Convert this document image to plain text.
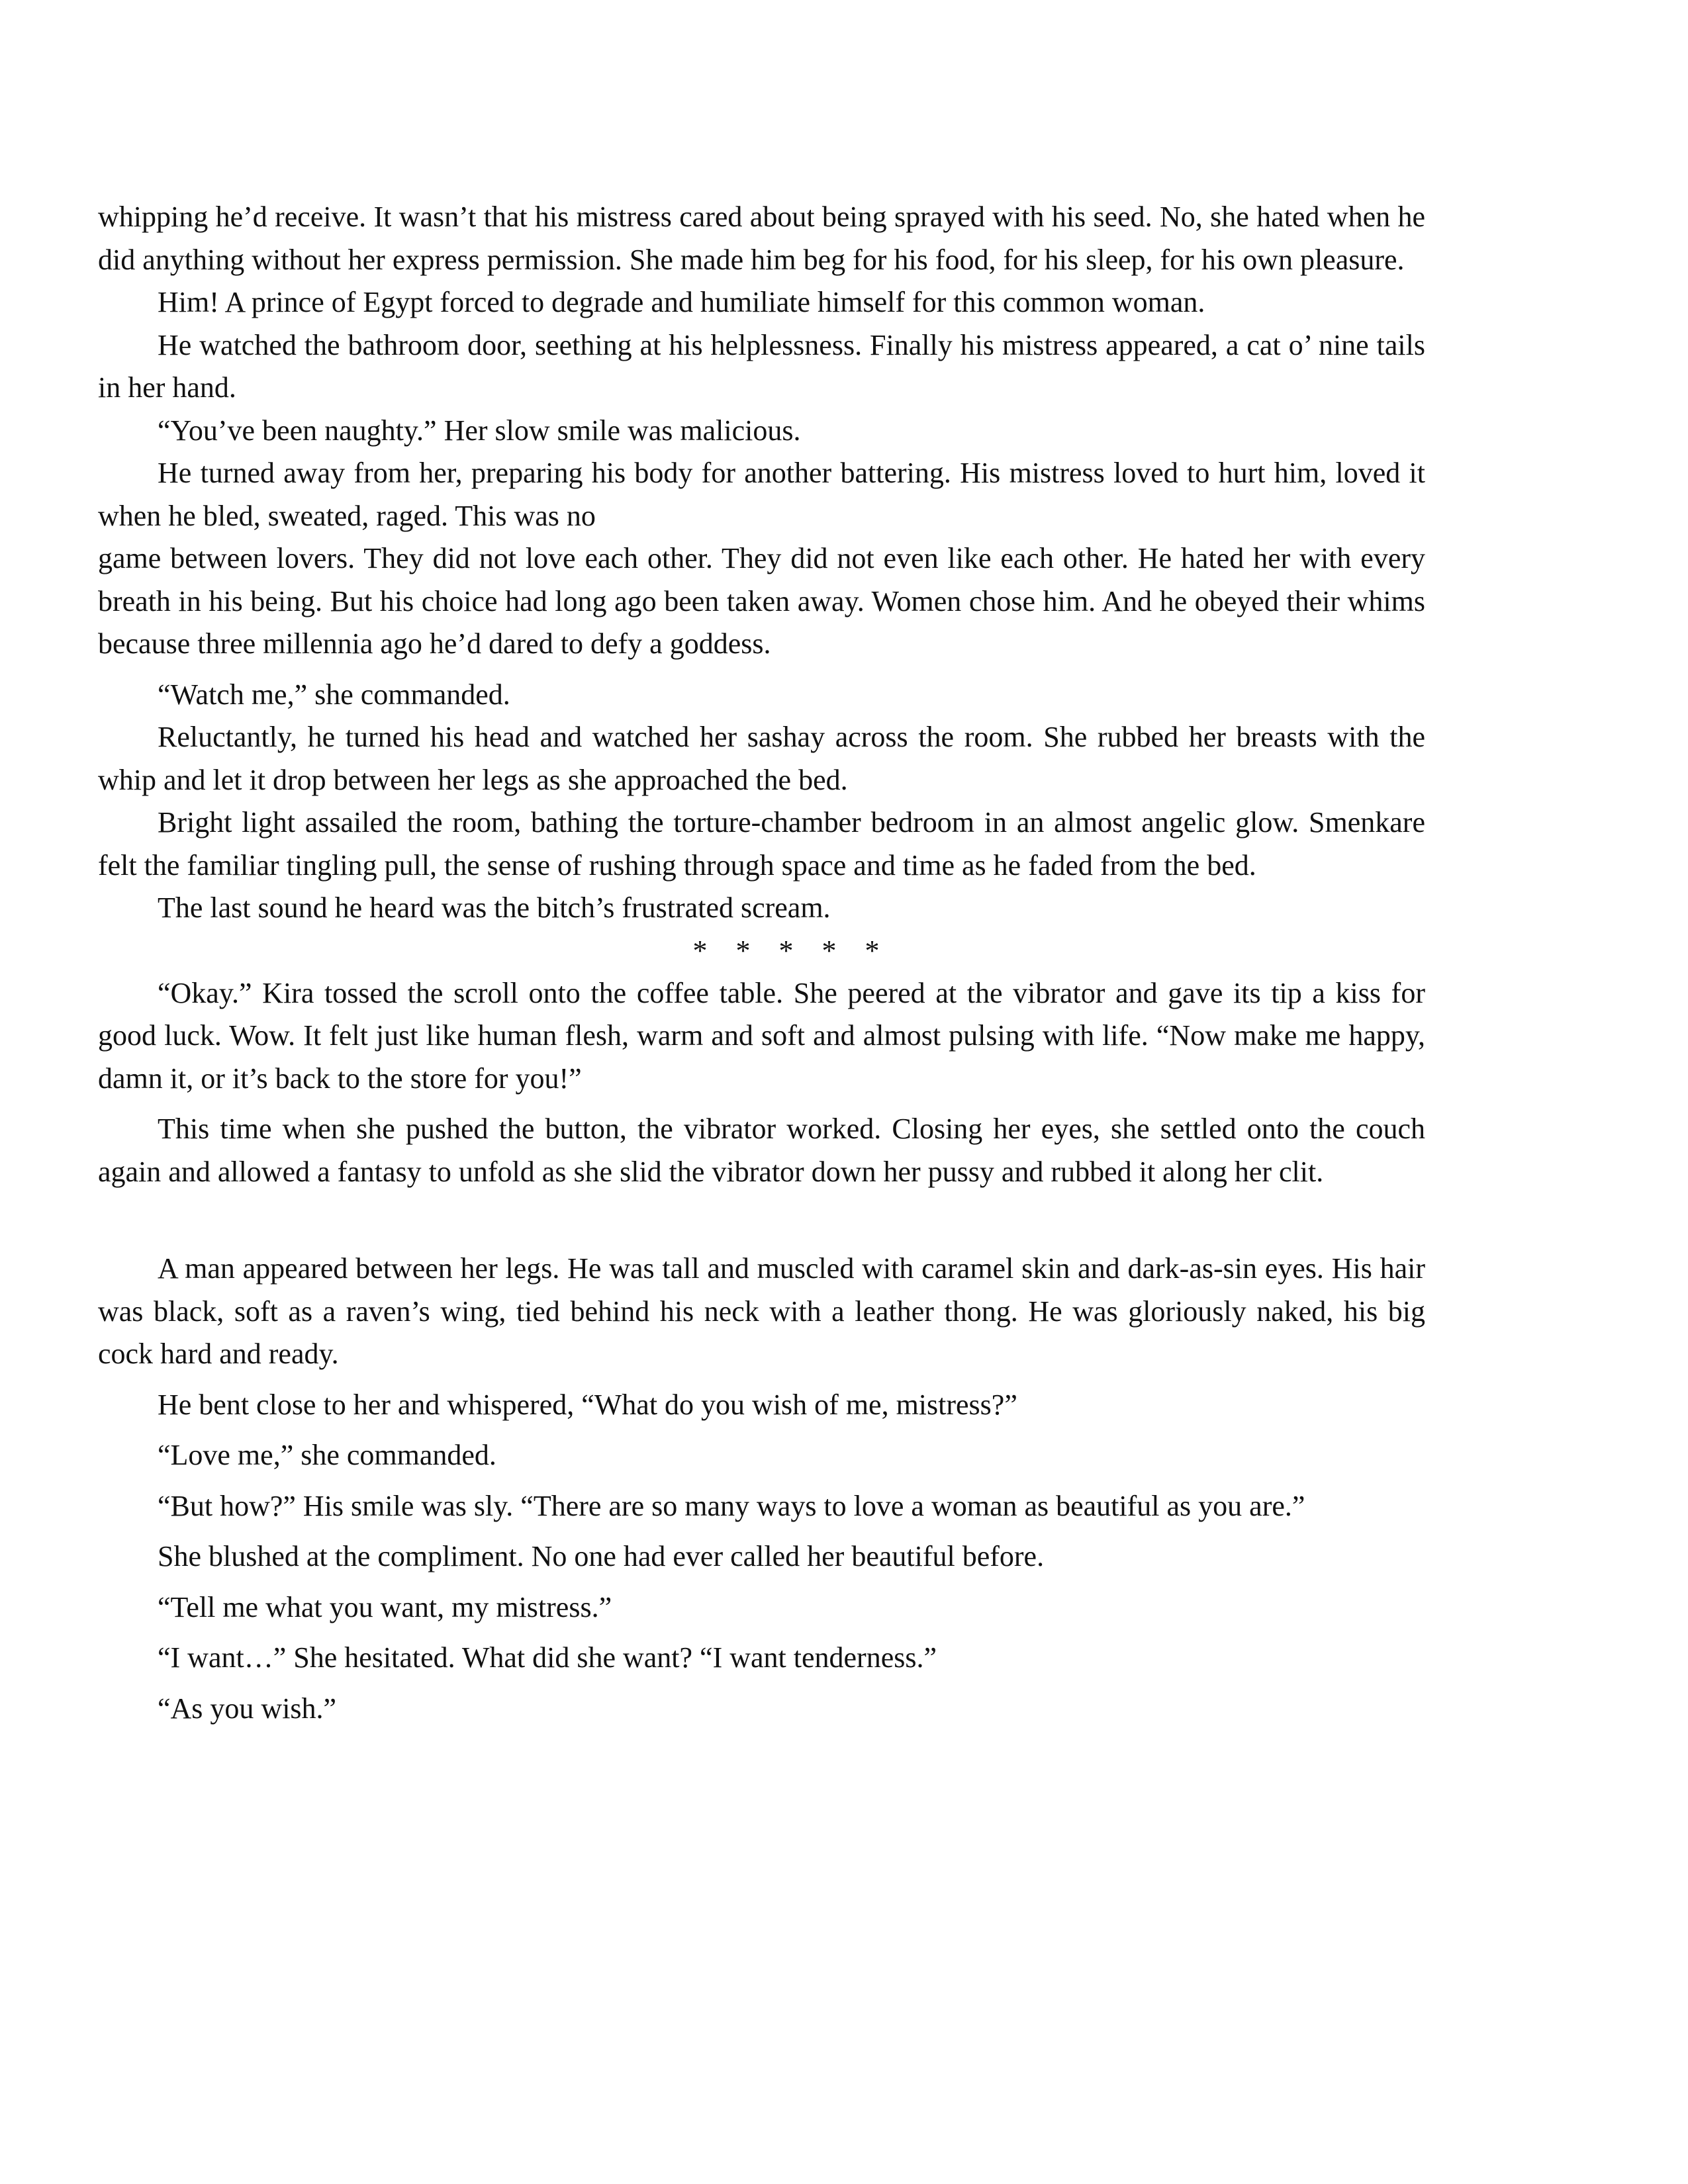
whipping he’d receive. It wasn’t that his mistress cared about being sprayed with his seed. No, she hated when he did anything without her express permission. She made him beg for his food, for his sleep, for his own pleasure.

Him! A prince of Egypt forced to degrade and humiliate himself for this common woman.

He watched the bathroom door, seething at his helplessness. Finally his mistress appeared, a cat o’ nine tails in her hand.

“You’ve been naughty.” Her slow smile was malicious.

He turned away from her, preparing his body for another battering. His mistress loved to hurt him, loved it when he bled, sweated, raged. This was no

game between lovers. They did not love each other. They did not even like each other. He hated her with every breath in his being. But his choice had long ago been taken away. Women chose him. And he obeyed their whims because three millennia ago he’d dared to defy a goddess.

“Watch me,” she commanded.

Reluctantly, he turned his head and watched her sashay across the room. She rubbed her breasts with the whip and let it drop between her legs as she approached the bed.

Bright light assailed the room, bathing the torture-chamber bedroom in an almost angelic glow. Smenkare felt the familiar tingling pull, the sense of rushing through space and time as he faded from the bed.

The last sound he heard was the bitch’s frustrated scream.

* * * * *

“Okay.” Kira tossed the scroll onto the coffee table. She peered at the vibrator and gave its tip a kiss for good luck. Wow. It felt just like human flesh, warm and soft and almost pulsing with life. “Now make me happy, damn it, or it’s back to the store for you!”

This time when she pushed the button, the vibrator worked. Closing her eyes, she settled onto the couch again and allowed a fantasy to unfold as she slid the vibrator down her pussy and rubbed it along her clit.

A man appeared between her legs. He was tall and muscled with caramel skin and dark-as-sin eyes. His hair was black, soft as a raven’s wing, tied behind his neck with a leather thong. He was gloriously naked, his big cock hard and ready.

He bent close to her and whispered, “What do you wish of me, mistress?”

“Love me,” she commanded.

“But how?” His smile was sly. “There are so many ways to love a woman as beautiful as you are.”

She blushed at the compliment. No one had ever called her beautiful before.

“Tell me what you want, my mistress.”

“I want…” She hesitated. What did she want? “I want tenderness.”

“As you wish.”
